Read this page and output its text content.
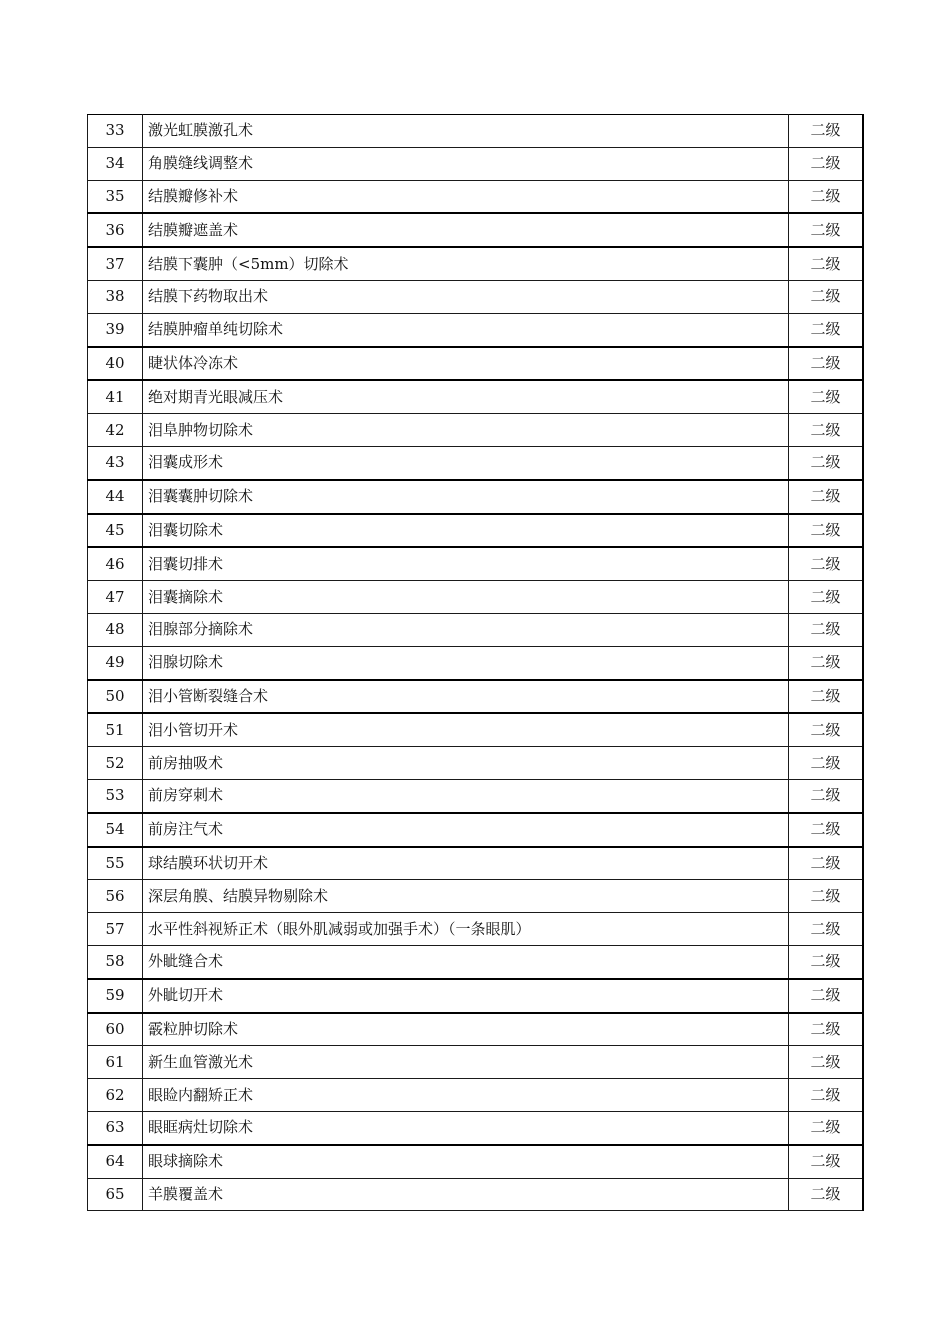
33	激光虹膜激孔术	二级
34	角膜缝线调整术	二级
35	结膜瓣修补术	二级
36	结膜瓣遮盖术	二级
37	结膜下囊肿（<5mm）切除术	二级
38	结膜下药物取出术	二级
39	结膜肿瘤单纯切除术	二级
40	睫状体冷冻术	二级
41	绝对期青光眼减压术	二级
42	泪阜肿物切除术	二级
43	泪囊成形术	二级
44	泪囊囊肿切除术	二级
45	泪囊切除术	二级
46	泪囊切排术	二级
47	泪囊摘除术	二级
48	泪腺部分摘除术	二级
49	泪腺切除术	二级
50	泪小管断裂缝合术	二级
51	泪小管切开术	二级
52	前房抽吸术	二级
53	前房穿刺术	二级
54	前房注气术	二级
55	球结膜环状切开术	二级
56	深层角膜、结膜异物剔除术	二级
57	水平性斜视矫正术（眼外肌减弱或加强手术）（一条眼肌）	二级
58	外眦缝合术	二级
59	外眦切开术	二级
60	霰粒肿切除术	二级
61	新生血管激光术	二级
62	眼睑内翻矫正术	二级
63	眼眶病灶切除术	二级
64	眼球摘除术	二级
65	羊膜覆盖术	二级
